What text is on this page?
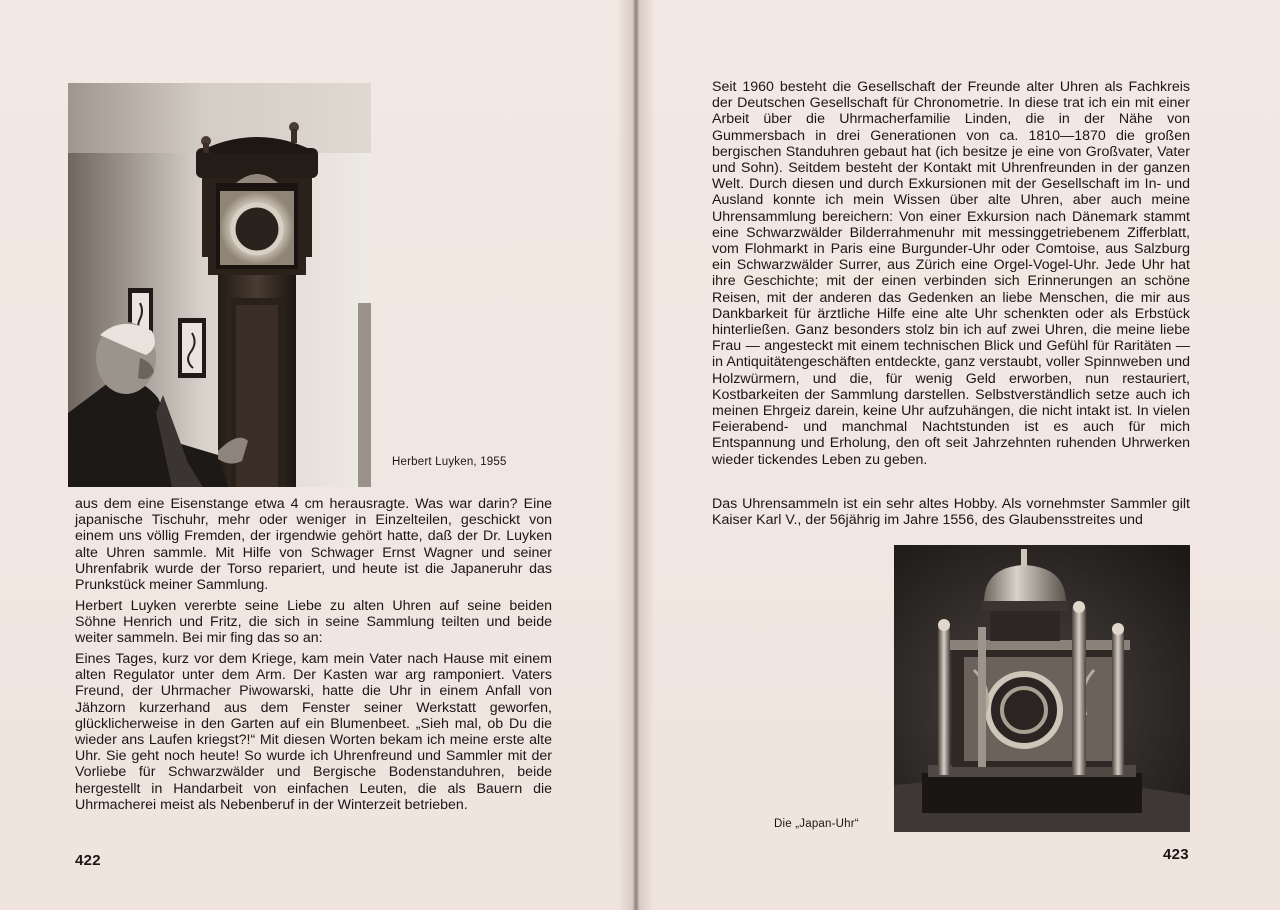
Herbert Luyken, 1955

aus dem eine Eisenstange etwa 4 cm herausragte. Was war darin? Eine japanische Tischuhr, mehr oder weniger in Einzelteilen, geschickt von einem uns völlig Fremden, der irgendwie gehört hatte, daß der Dr. Luyken alte Uhren sammle. Mit Hilfe von Schwager Ernst Wagner und seiner Uhrenfabrik wurde der Torso repariert, und heute ist die Japaneruhr das Prunkstück meiner Sammlung.

Herbert Luyken vererbte seine Liebe zu alten Uhren auf seine beiden Söhne Henrich und Fritz, die sich in seine Sammlung teilten und beide weiter sammeln. Bei mir fing das so an:

Eines Tages, kurz vor dem Kriege, kam mein Vater nach Hause mit einem alten Regulator unter dem Arm. Der Kasten war arg ramponiert. Vaters Freund, der Uhrmacher Piwowarski, hatte die Uhr in einem Anfall von Jähzorn kurzerhand aus dem Fenster seiner Werkstatt geworfen, glücklicherweise in den Garten auf ein Blumenbeet. „Sieh mal, ob Du die wieder ans Laufen kriegst?!“ Mit diesen Worten bekam ich meine erste alte Uhr. Sie geht noch heute! So wurde ich Uhrenfreund und Sammler mit der Vorliebe für Schwarzwälder und Bergische Bodenstanduhren, beide hergestellt in Handarbeit von einfachen Leuten, die als Bauern die Uhrmacherei meist als Nebenberuf in der Winterzeit betrieben.

422

Seit 1960 besteht die Gesellschaft der Freunde alter Uhren als Fachkreis der Deutschen Gesellschaft für Chronometrie. In diese trat ich ein mit einer Arbeit über die Uhrmacherfamilie Linden, die in der Nähe von Gummersbach in drei Generationen von ca. 1810—1870 die großen bergischen Standuhren gebaut hat (ich besitze je eine von Großvater, Vater und Sohn). Seitdem besteht der Kontakt mit Uhrenfreunden in der ganzen Welt. Durch diesen und durch Exkursionen mit der Gesellschaft im In- und Ausland konnte ich mein Wissen über alte Uhren, aber auch meine Uhrensammlung bereichern: Von einer Exkursion nach Dänemark stammt eine Schwarzwälder Bilderrahmenuhr mit messinggetriebenem Zifferblatt, vom Flohmarkt in Paris eine Burgunder-Uhr oder Comtoise, aus Salzburg ein Schwarzwälder Surrer, aus Zürich eine Orgel-Vogel-Uhr. Jede Uhr hat ihre Geschichte; mit der einen verbinden sich Erinnerungen an schöne Reisen, mit der anderen das Gedenken an liebe Menschen, die mir aus Dankbarkeit für ärztliche Hilfe eine alte Uhr schenkten oder als Erbstück hinterließen. Ganz besonders stolz bin ich auf zwei Uhren, die meine liebe Frau — angesteckt mit einem technischen Blick und Gefühl für Raritäten — in Antiquitätengeschäften entdeckte, ganz verstaubt, voller Spinnweben und Holzwürmern, und die, für wenig Geld erworben, nun restauriert, Kostbarkeiten der Sammlung darstellen. Selbstverständlich setze auch ich meinen Ehrgeiz darein, keine Uhr aufzuhängen, die nicht intakt ist. In vielen Feierabend- und manchmal Nachtstunden ist es auch für mich Entspannung und Erholung, den oft seit Jahrzehnten ruhenden Uhrwerken wieder tickendes Leben zu geben.

Das Uhrensammeln ist ein sehr altes Hobby. Als vornehmster Sammler gilt Kaiser Karl V., der 56jährig im Jahre 1556, des Glaubensstreites und

Die „Japan-Uhr“
423
